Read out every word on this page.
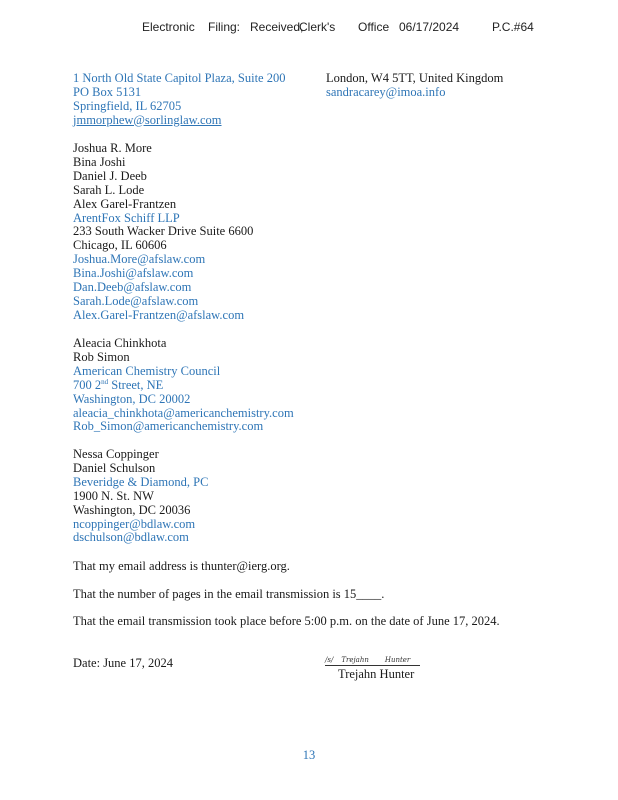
Electronic Filing: Received,
Clerk's Office 06/17/2024	P.C.#64
1 North Old State Capitol Plaza, Suite 200
PO Box 5131
Springfield, IL 62705
jmmorphew@sorlinglaw.com
London, W4 5TT, United Kingdom
sandracarey@imoa.info
Joshua R. More
Bina Joshi
Daniel J. Deeb
Sarah L. Lode
Alex Garel-Frantzen
ArentFox Schiff LLP
233 South Wacker Drive Suite 6600
Chicago, IL 60606
Joshua.More@afslaw.com
Bina.Joshi@afslaw.com
Dan.Deeb@afslaw.com
Sarah.Lode@afslaw.com
Alex.Garel-Frantzen@afslaw.com
Aleacia Chinkhota
Rob Simon
American Chemistry Council
700 2nd Street, NE
Washington, DC 20002
aleacia_chinkhota@americanchemistry.com
Rob_Simon@americanchemistry.com
Nessa Coppinger
Daniel Schulson
Beveridge & Diamond, PC
1900 N. St. NW
Washington, DC 20036
ncoppinger@bdlaw.com
dschulson@bdlaw.com
That my email address is thunter@ierg.org.
That the number of pages in the email transmission is 15____.
That the email transmission took place before 5:00 p.m. on the date of June 17, 2024.
Date: June 17, 2024	/s/ Trejahn Hunter
Trejahn Hunter
13
